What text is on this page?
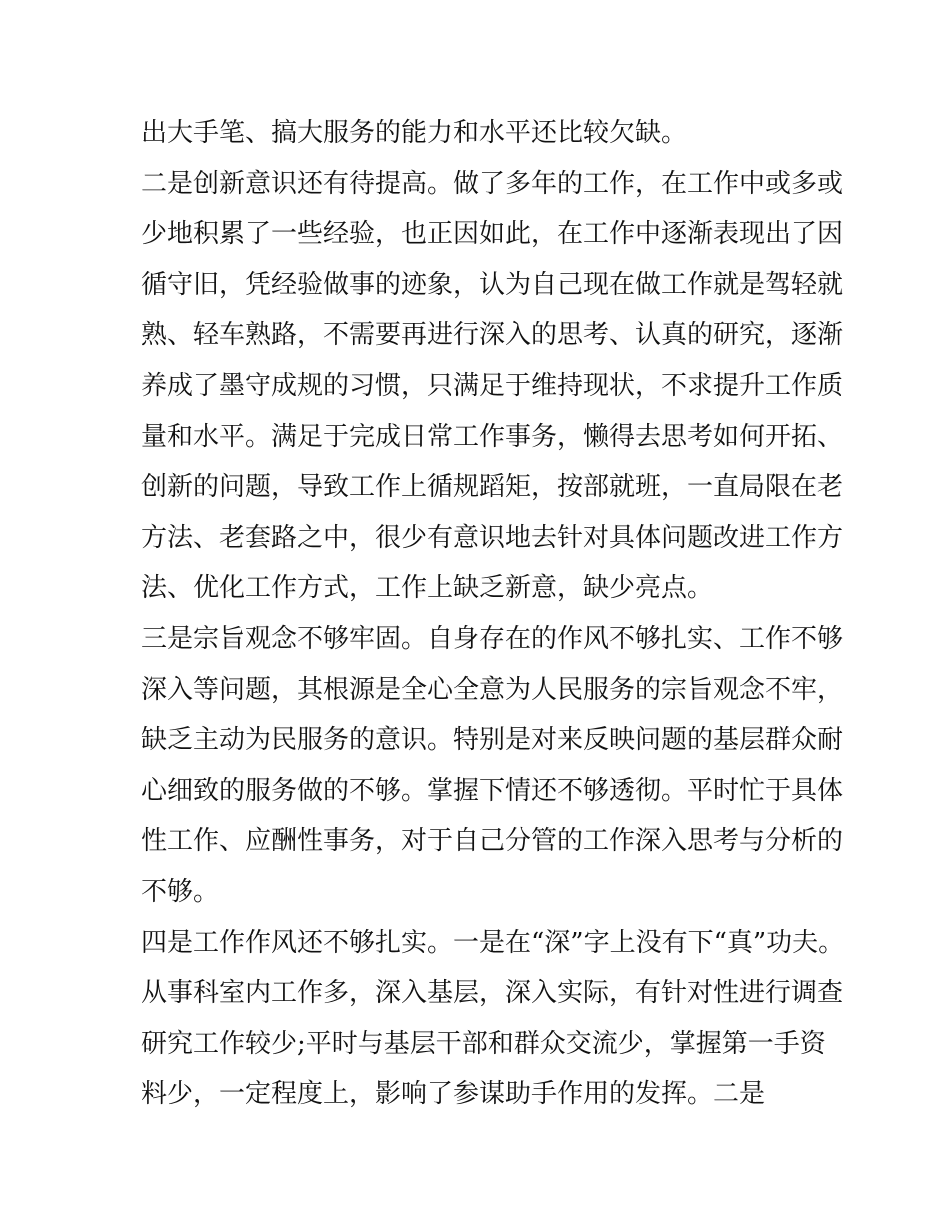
出大手笔、搞大服务的能力和水平还比较欠缺。
二是创新意识还有待提高。做了多年的工作，在工作中或多或
少地积累了一些经验，也正因如此，在工作中逐渐表现出了因
循守旧，凭经验做事的迹象，认为自己现在做工作就是驾轻就
熟、轻车熟路，不需要再进行深入的思考、认真的研究，逐渐
养成了墨守成规的习惯，只满足于维持现状，不求提升工作质
量和水平。满足于完成日常工作事务，懒得去思考如何开拓、
创新的问题，导致工作上循规蹈矩，按部就班，一直局限在老
方法、老套路之中，很少有意识地去针对具体问题改进工作方
法、优化工作方式，工作上缺乏新意，缺少亮点。
三是宗旨观念不够牢固。自身存在的作风不够扎实、工作不够
深入等问题，其根源是全心全意为人民服务的宗旨观念不牢，
缺乏主动为民服务的意识。特别是对来反映问题的基层群众耐
心细致的服务做的不够。掌握下情还不够透彻。平时忙于具体
性工作、应酬性事务，对于自己分管的工作深入思考与分析的
不够。
四是工作作风还不够扎实。一是在“深”字上没有下“真”功夫。
从事科室内工作多，深入基层，深入实际，有针对性进行调查
研究工作较少;平时与基层干部和群众交流少，掌握第一手资
料少，一定程度上，影响了参谋助手作用的发挥。二是
